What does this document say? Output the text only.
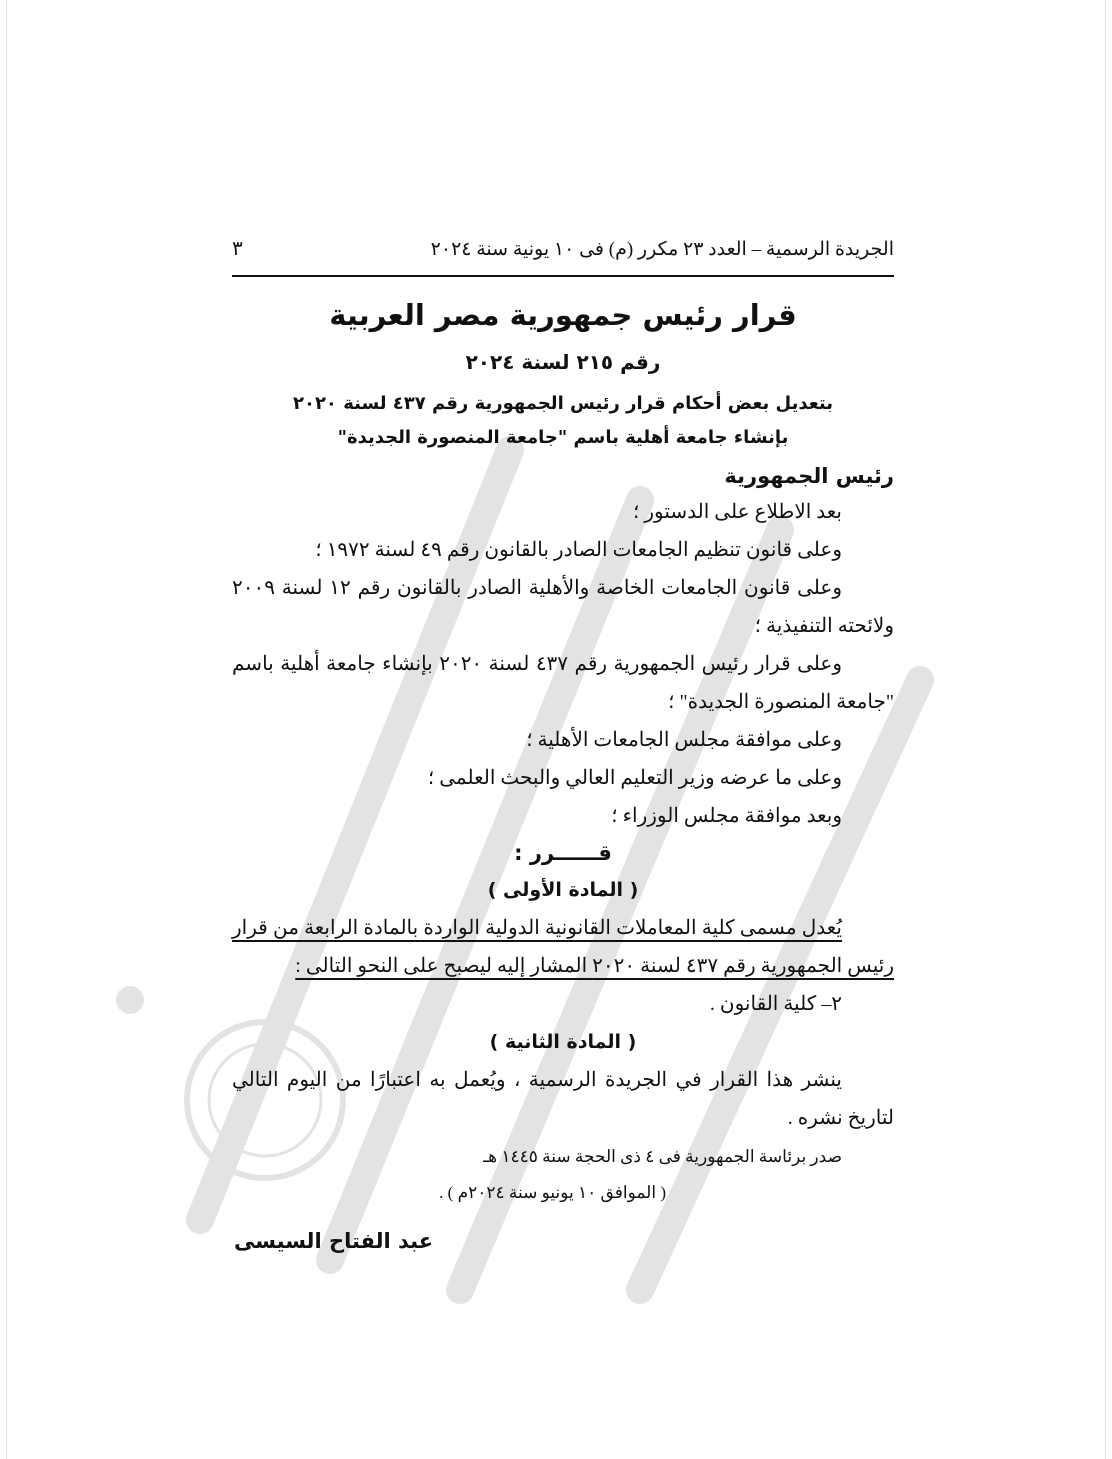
الجريدة الرسمية – العدد ٢٣ مكرر (م) فى ١٠ يونية سنة ٢٠٢٤
٣
قرار رئيس جمهورية مصر العربية
رقم ٢١٥ لسنة ٢٠٢٤
بتعديل بعض أحكام قرار رئيس الجمهورية رقم ٤٣٧ لسنة ٢٠٢٠
بإنشاء جامعة أهلية باسم "جامعة المنصورة الجديدة"
رئيس الجمهورية
بعد الاطلاع على الدستور ؛
وعلى قانون تنظيم الجامعات الصادر بالقانون رقم ٤٩ لسنة ١٩٧٢ ؛
وعلى قانون الجامعات الخاصة والأهلية الصادر بالقانون رقم ١٢ لسنة ٢٠٠٩ ولائحته التنفيذية ؛
وعلى قرار رئيس الجمهورية رقم ٤٣٧ لسنة ٢٠٢٠ بإنشاء جامعة أهلية باسم "جامعة المنصورة الجديدة" ؛
وعلى موافقة مجلس الجامعات الأهلية ؛
وعلى ما عرضه وزير التعليم العالي والبحث العلمى ؛
وبعد موافقة مجلس الوزراء ؛
قــــــرر :
( المادة الأولى )
يُعدل مسمى كلية المعاملات القانونية الدولية الواردة بالمادة الرابعة من قرار رئيس الجمهورية رقم ٤٣٧ لسنة ٢٠٢٠ المشار إليه ليصبح على النحو التالى :
٢– كلية القانون .
( المادة الثانية )
ينشر هذا القرار في الجريدة الرسمية ، ويُعمل به اعتبارًا من اليوم التالي لتاريخ نشره .
صدر برئاسة الجمهورية فى ٤ ذى الحجة سنة ١٤٤٥ هـ
( الموافق ١٠ يونيو سنة ٢٠٢٤م ) .
عبد الفتاح السيسى
